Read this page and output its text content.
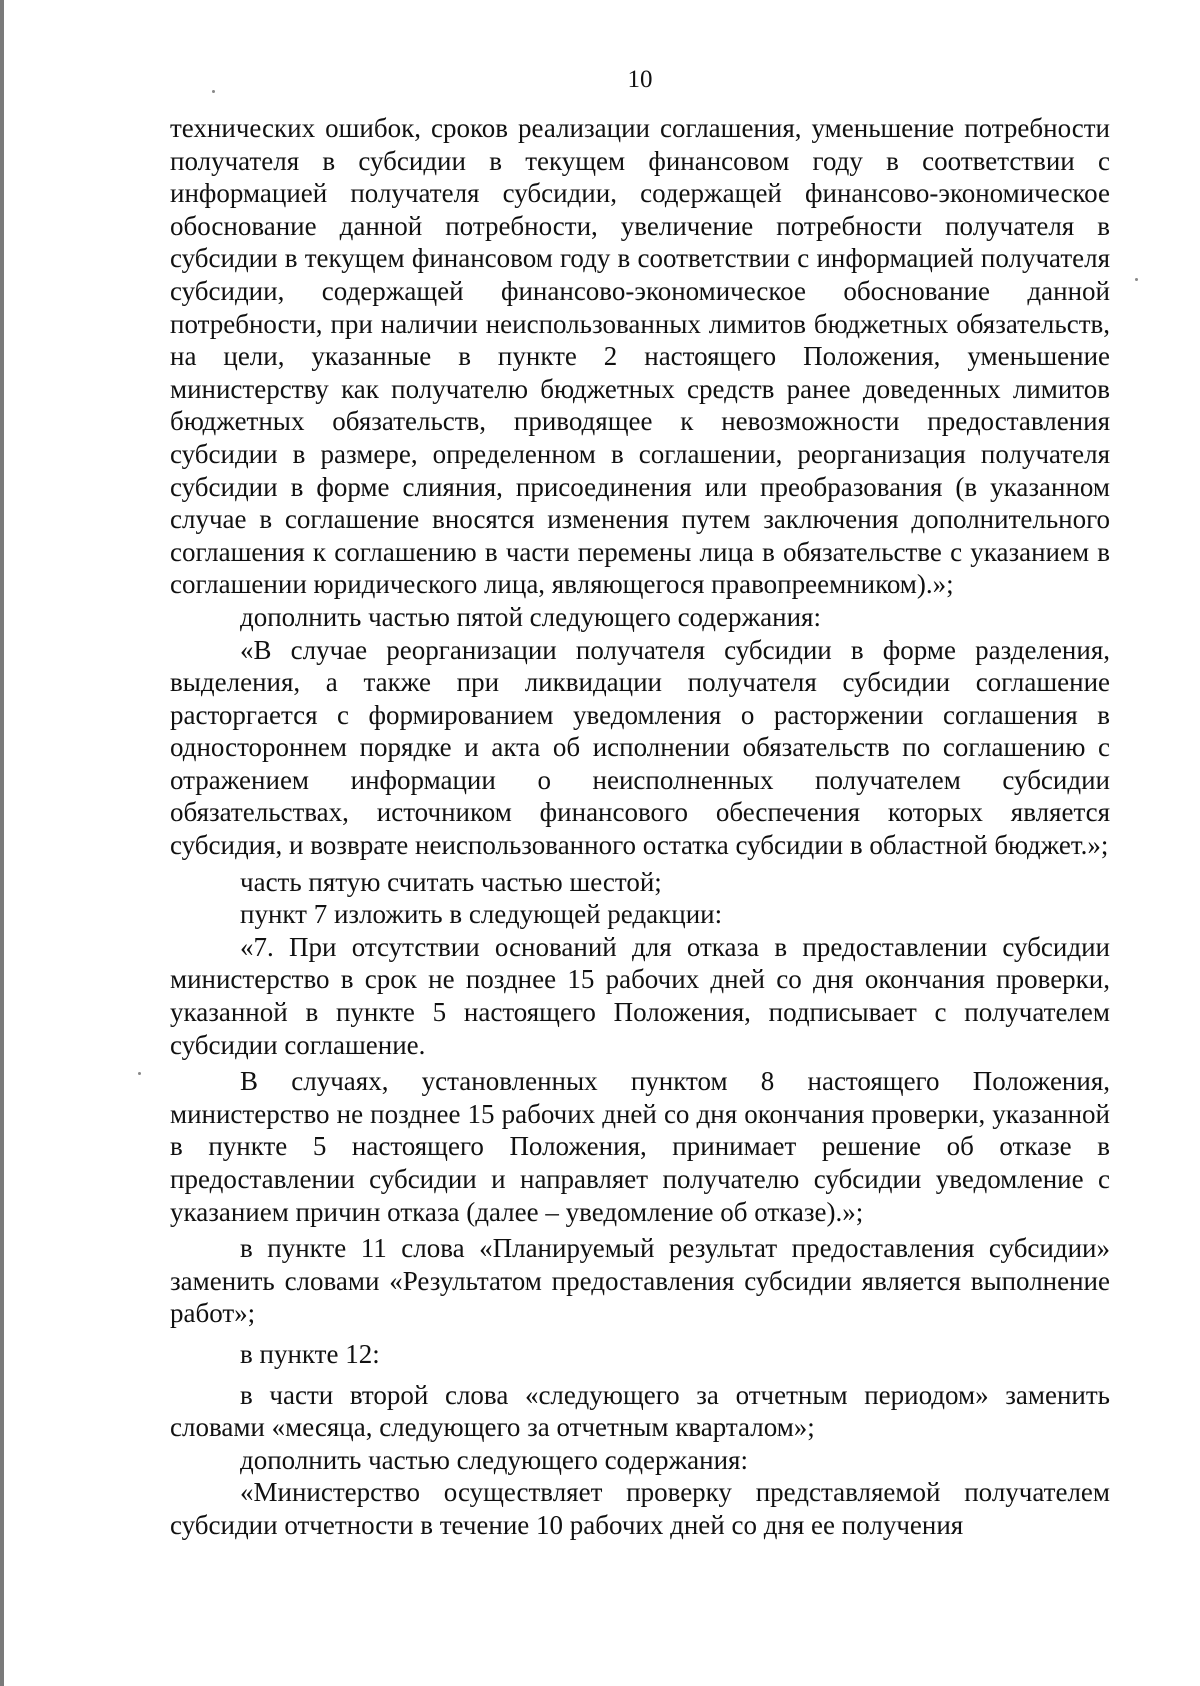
10

технических ошибок, сроков реализации соглашения, уменьшение потребности получателя в субсидии в текущем финансовом году в соответствии с информацией получателя субсидии, содержащей финансово-экономическое обоснование данной потребности, увеличение потребности получателя в субсидии в текущем финансовом году в соответствии с информацией получателя субсидии, содержащей финансово-экономическое обоснование данной потребности, при наличии неиспользованных лимитов бюджетных обязательств, на цели, указанные в пункте 2 настоящего Положения, уменьшение министерству как получателю бюджетных средств ранее доведенных лимитов бюджетных обязательств, приводящее к невозможности предоставления субсидии в размере, определенном в соглашении, реорганизация получателя субсидии в форме слияния, присоединения или преобразования (в указанном случае в соглашение вносятся изменения путем заключения дополнительного соглашения к соглашению в части перемены лица в обязательстве с указанием в соглашении юридического лица, являющегося правопреемником).»;

дополнить частью пятой следующего содержания:

«В случае реорганизации получателя субсидии в форме разделения, выделения, а также при ликвидации получателя субсидии соглашение расторгается с формированием уведомления о расторжении соглашения в одностороннем порядке и акта об исполнении обязательств по соглашению с отражением информации о неисполненных получателем субсидии обязательствах, источником финансового обеспечения которых является субсидия, и возврате неиспользованного остатка субсидии в областной бюджет.»;

часть пятую считать частью шестой;

пункт 7 изложить в следующей редакции:

«7. При отсутствии оснований для отказа в предоставлении субсидии министерство в срок не позднее 15 рабочих дней со дня окончания проверки, указанной в пункте 5 настоящего Положения, подписывает с получателем субсидии соглашение.

В случаях, установленных пунктом 8 настоящего Положения, министерство не позднее 15 рабочих дней со дня окончания проверки, указанной в пункте 5 настоящего Положения, принимает решение об отказе в предоставлении субсидии и направляет получателю субсидии уведомление с указанием причин отказа (далее – уведомление об отказе).»;

в пункте 11 слова «Планируемый результат предоставления субсидии» заменить словами «Результатом предоставления субсидии является выполнение работ»;

в пункте 12:

в части второй слова «следующего за отчетным периодом» заменить словами «месяца, следующего за отчетным кварталом»;

дополнить частью следующего содержания:

«Министерство осуществляет проверку представляемой получателем субсидии отчетности в течение 10 рабочих дней со дня ее получения
